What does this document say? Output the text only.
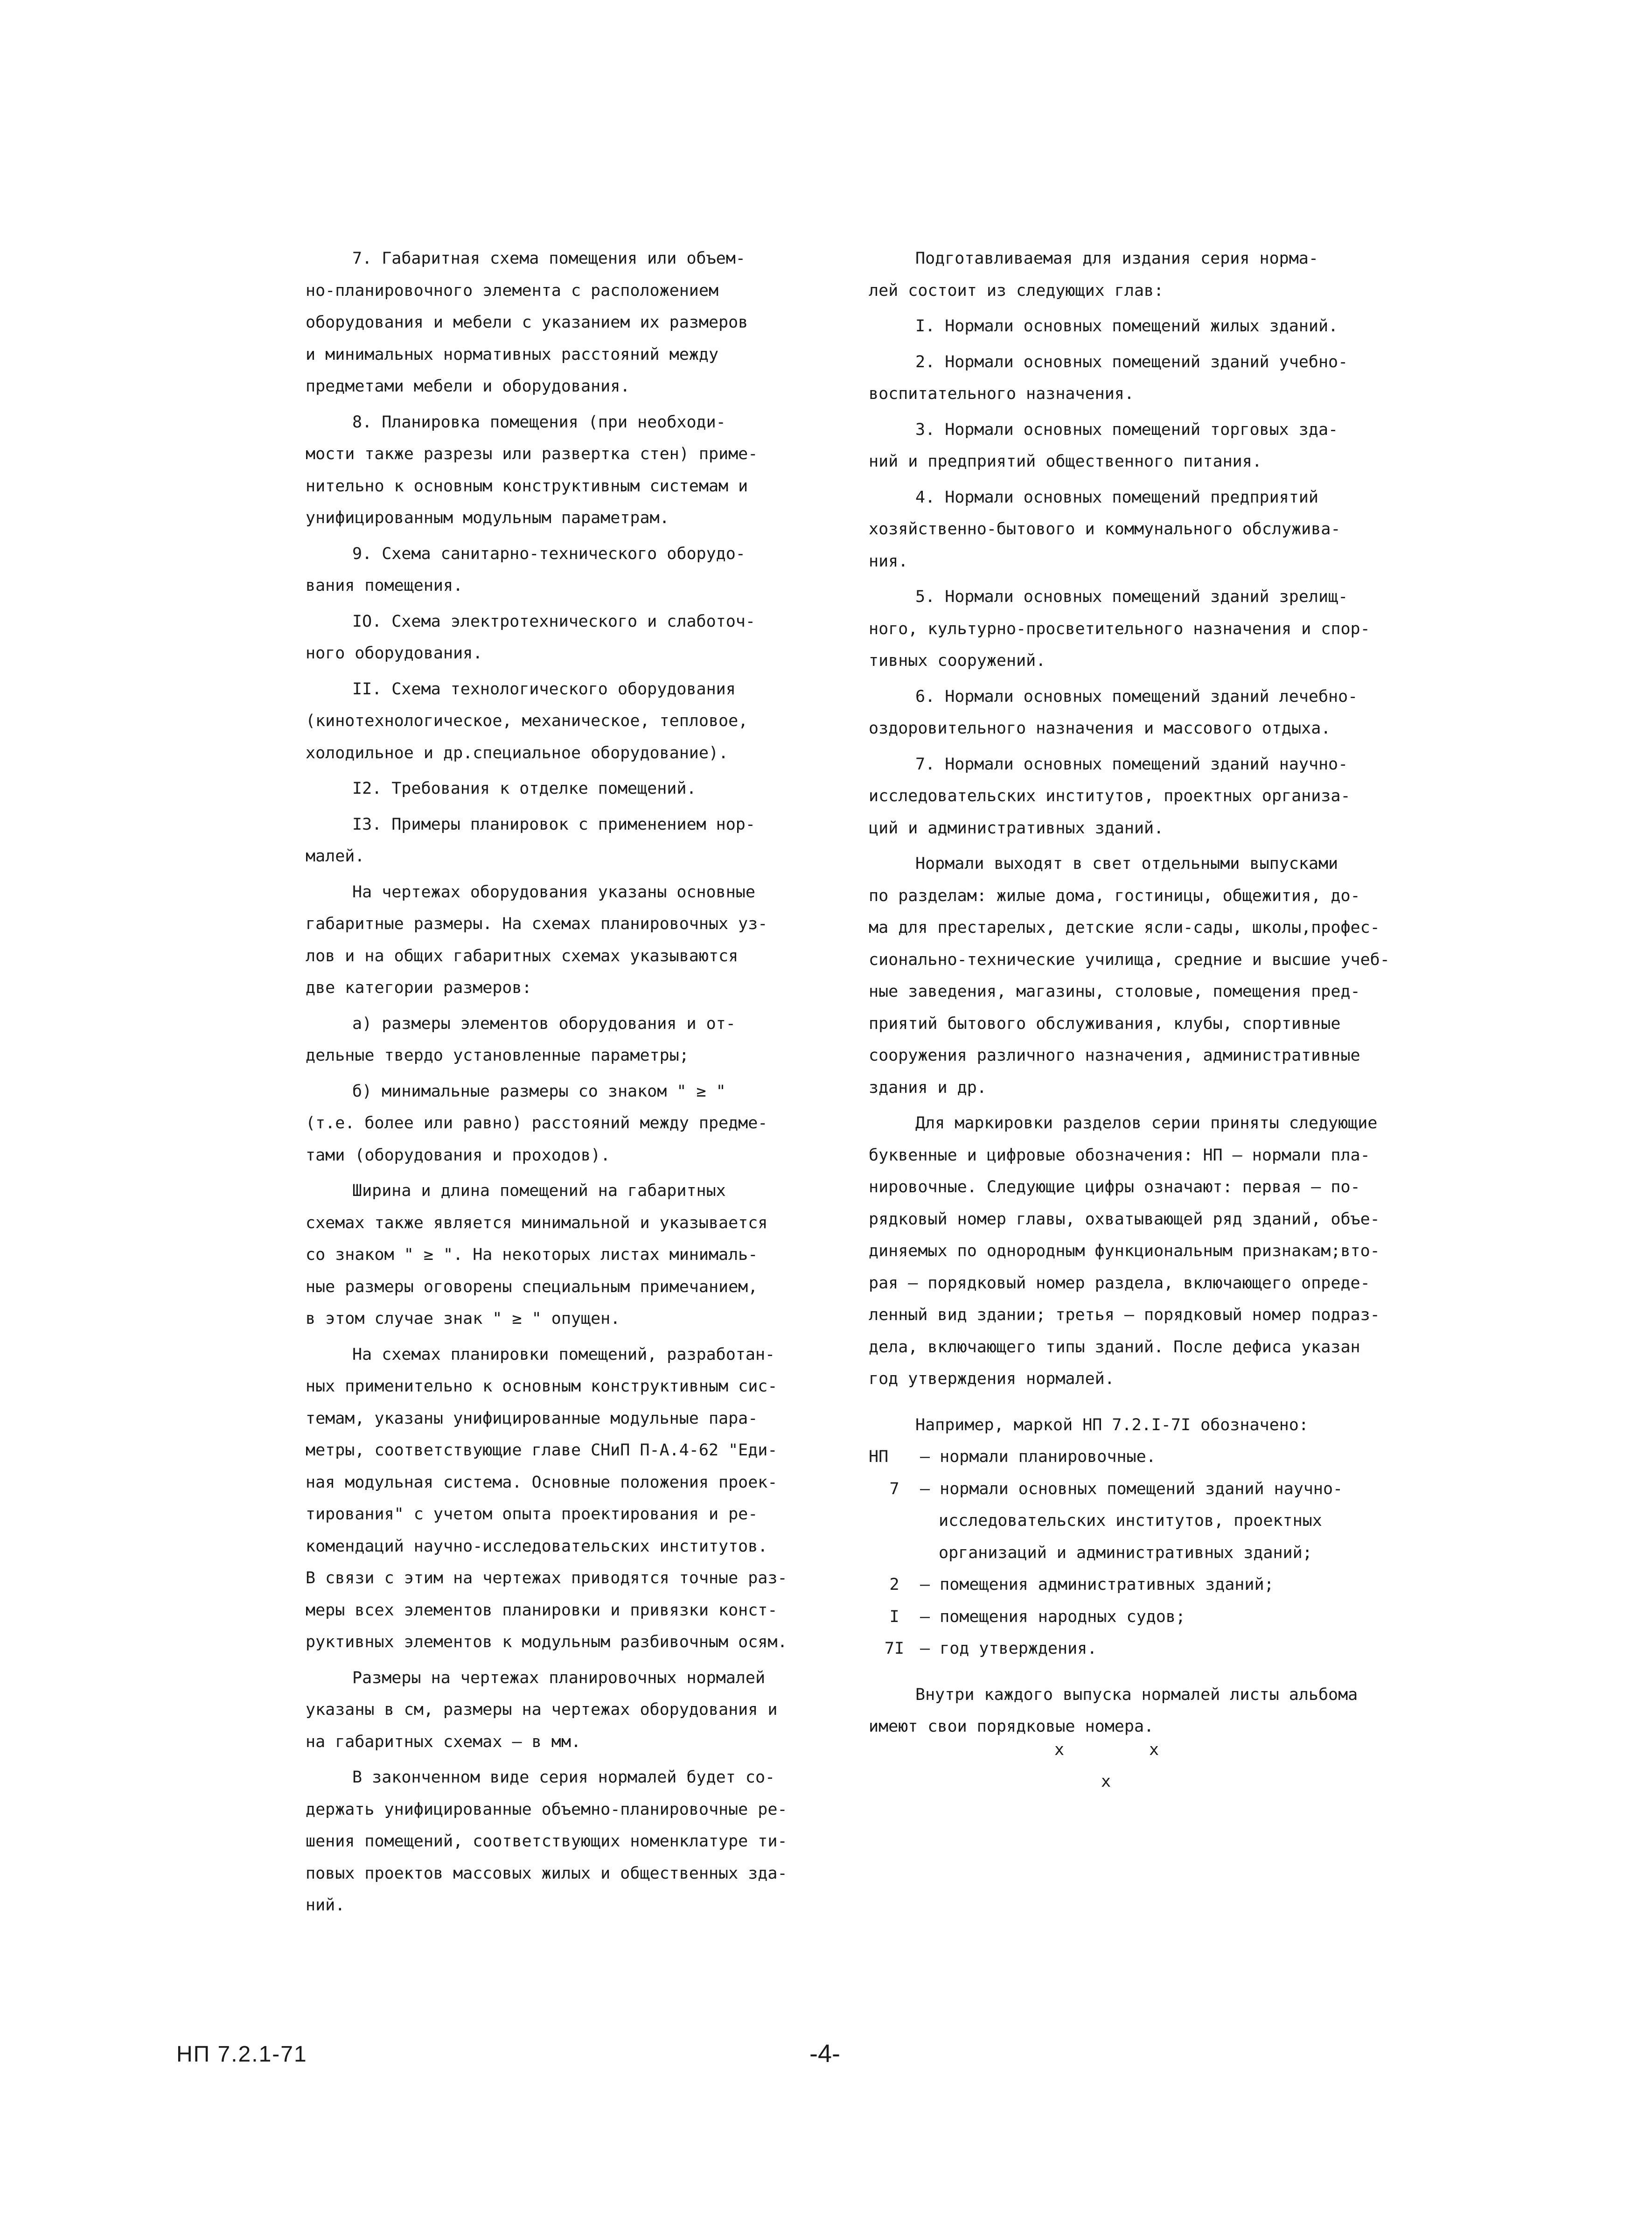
7. Габаритная схема помещения или объем-
но-планировочного элемента с расположением
оборудования и мебели с указанием их размеров
и минимальных нормативных расстояний между
предметами мебели и оборудования.
8. Планировка помещения (при необходи-
мости также разрезы или развертка стен) приме-
нительно к основным конструктивным системам и
унифицированным модульным параметрам.
9. Схема санитарно-технического оборудо-
вания помещения.
IO. Схема электротехнического и слаботоч-
ного оборудования.
II. Схема технологического оборудования
(кинотехнологическое, механическое, тепловое,
холодильное и др.специальное оборудование).
I2. Требования к отделке помещений.
I3. Примеры планировок с применением нор-
малей.
На чертежах оборудования указаны основные
габаритные размеры. На схемах планировочных уз-
лов и на общих габаритных схемах указываются
две категории размеров:
а) размеры элементов оборудования и от-
дельные твердо установленные параметры;
б) минимальные размеры со знаком " ≥ "
(т.е. более или равно) расстояний между предме-
тами (оборудования и проходов).
Ширина и длина помещений на габаритных
схемах также является минимальной и указывается
со знаком " ≥ ". На некоторых листах минималь-
ные размеры оговорены специальным примечанием,
в этом случае знак " ≥ " опущен.
На схемах планировки помещений, разработан-
ных применительно к основным конструктивным сис-
темам, указаны унифицированные модульные пара-
метры, соответствующие главе СНиП П-А.4-62 "Еди-
ная модульная система. Основные положения проек-
тирования" с учетом опыта проектирования и ре-
комендаций научно-исследовательских институтов.
В связи с этим на чертежах приводятся точные раз-
меры всех элементов планировки и привязки конст-
руктивных элементов к модульным разбивочным осям.
Размеры на чертежах планировочных нормалей
указаны в см, размеры на чертежах оборудования и
на габаритных схемах – в мм.
В законченном виде серия нормалей будет со-
держать унифицированные объемно-планировочные ре-
шения помещений, соответствующих номенклатуре ти-
повых проектов массовых жилых и общественных зда-
ний.
Подготавливаемая для издания серия нормa-
лей состоит из следующих глав:
I. Нормали основных помещений жилых зданий.
2. Нормали основных помещений зданий учебно-
воспитательного назначения.
3. Нормали основных помещений торговых зда-
ний и предприятий общественного питания.
4. Нормали основных помещений предприятий
хозяйственно-бытового и коммунального обслужива-
ния.
5. Нормали основных помещений зданий зрелищ-
ного, культурно-просветительного назначения и спор-
тивных сооружений.
6. Нормали основных помещений зданий лечебно-
оздоровительного назначения и массового отдыха.
7. Нормали основных помещений зданий научно-
исследовательских институтов, проектных организа-
ций и административных зданий.
Нормали выходят в свет отдельными выпусками
по разделам: жилые дома, гостиницы, общежития, до-
ма для престарелых, детские ясли-сады, школы,профес-
сионально-технические училища, средние и высшие учеб-
ные заведения, магазины, столовые, помещения пред-
приятий бытового обслуживания, клубы, спортивные
сооружения различного назначения, административные
здания и др.
Для маркировки разделов серии приняты следующие
буквенные и цифровые обозначения: НП – нормали пла-
нировочные. Следующие цифры означают: первая – по-
рядковый номер главы, охватывающей ряд зданий, объе-
диняемых по однородным функциональным признакам;вто-
рая – порядковый номер раздела, включающего опреде-
ленный вид здании; третья – порядковый номер подраз-
дела, включающего типы зданий. После дефиса указан
год утверждения нормалей.
Например, маркой НП 7.2.I-7I обозначено:
НП	– нормали планировочные.
7	– нормали основных помещений зданий научно-
исследовательских институтов, проектных
организаций и административных зданий;
2	– помещения административных зданий;
I	– помещения народных судов;
7I – год утверждения.
Внутри каждого выпуска нормалей листы альбома
имеют свои порядковые номера.
х	х
х
НП 7.2.1-71	-4-
